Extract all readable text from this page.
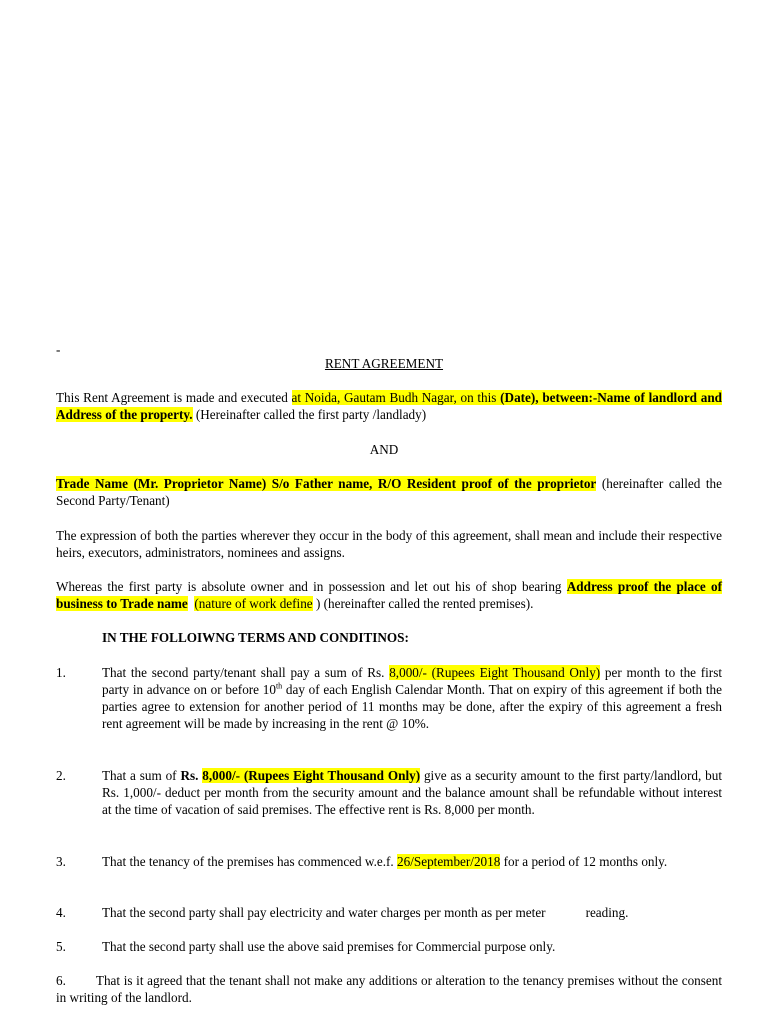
-
RENT AGREEMENT
This Rent Agreement is made and executed at Noida, Gautam Budh Nagar, on this (Date), between:-Name of landlord and Address of the property. (Hereinafter called the first party /landlady)
AND
Trade Name (Mr. Proprietor Name) S/o Father name, R/O Resident proof of the proprietor (hereinafter called the Second Party/Tenant)
The expression of both the parties wherever they occur in the body of this agreement, shall mean and include their respective heirs, executors, administrators, nominees and assigns.
Whereas the first party is absolute owner and in possession and let out his of shop bearing Address proof the place of business to Trade name (nature of work define ) (hereinafter called the rented premises).
IN THE FOLLOIWNG TERMS AND CONDITINOS:
1.	That the second party/tenant shall pay a sum of Rs. 8,000/- (Rupees Eight Thousand Only) per month to the first party in advance on or before 10th day of each English Calendar Month. That on expiry of this agreement if both the parties agree to extension for another period of 11 months may be done, after the expiry of this agreement a fresh rent agreement will be made by increasing in the rent @ 10%.
2.	That a sum of Rs. 8,000/- (Rupees Eight Thousand Only) give as a security amount to the first party/landlord, but Rs. 1,000/- deduct per month from the security amount and the balance amount shall be refundable without interest at the time of vacation of said premises. The effective rent is Rs. 8,000 per month.
3.	That the tenancy of the premises has commenced w.e.f. 26/September/2018 for a period of 12 months only.
4.	That the second party shall pay electricity and water charges per month as per meter	reading.
5.	That the second party shall use the above said premises for Commercial purpose only.
6. That is it agreed that the tenant shall not make any additions or alteration to the tenancy premises without the consent in writing of the landlord.
